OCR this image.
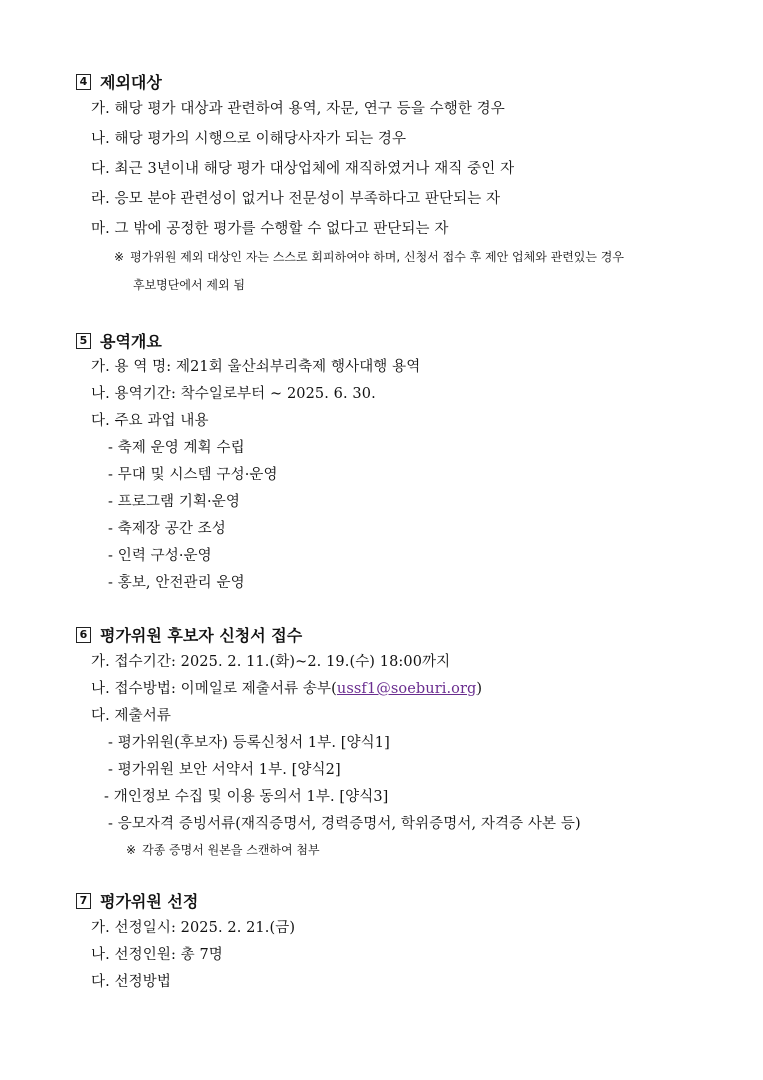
4 제외대상
가. 해당 평가 대상과 관련하여 용역, 자문, 연구 등을 수행한 경우
나. 해당 평가의 시행으로 이해당사자가 되는 경우
다. 최근 3년이내 해당 평가 대상업체에 재직하였거나 재직 중인 자
라. 응모 분야 관련성이 없거나 전문성이 부족하다고 판단되는 자
마. 그 밖에 공정한 평가를 수행할 수 없다고 판단되는 자
※ 평가위원 제외 대상인 자는 스스로 회피하여야 하며, 신청서 접수 후 제안 업체와 관련있는 경우
후보명단에서 제외 됨
5 용역개요
가. 용 역 명: 제21회 울산쇠부리축제 행사대행 용역
나. 용역기간: 착수일로부터 ~ 2025. 6. 30.
다. 주요 과업 내용
- 축제 운영 계획 수립
- 무대 및 시스템 구성·운영
- 프로그램 기획·운영
- 축제장 공간 조성
- 인력 구성·운영
- 홍보, 안전관리 운영
6 평가위원 후보자 신청서 접수
가. 접수기간: 2025. 2. 11.(화)~2. 19.(수) 18:00까지
나. 접수방법: 이메일로 제출서류 송부(ussf1@soeburi.org)
다. 제출서류
- 평가위원(후보자) 등록신청서 1부. [양식1]
- 평가위원 보안 서약서 1부. [양식2]
- 개인정보 수집 및 이용 동의서 1부. [양식3]
- 응모자격 증빙서류(재직증명서, 경력증명서, 학위증명서, 자격증 사본 등)
※ 각종 증명서 원본을 스캔하여 첨부
7 평가위원 선정
가. 선정일시: 2025. 2. 21.(금)
나. 선정인원: 총 7명
다. 선정방법
